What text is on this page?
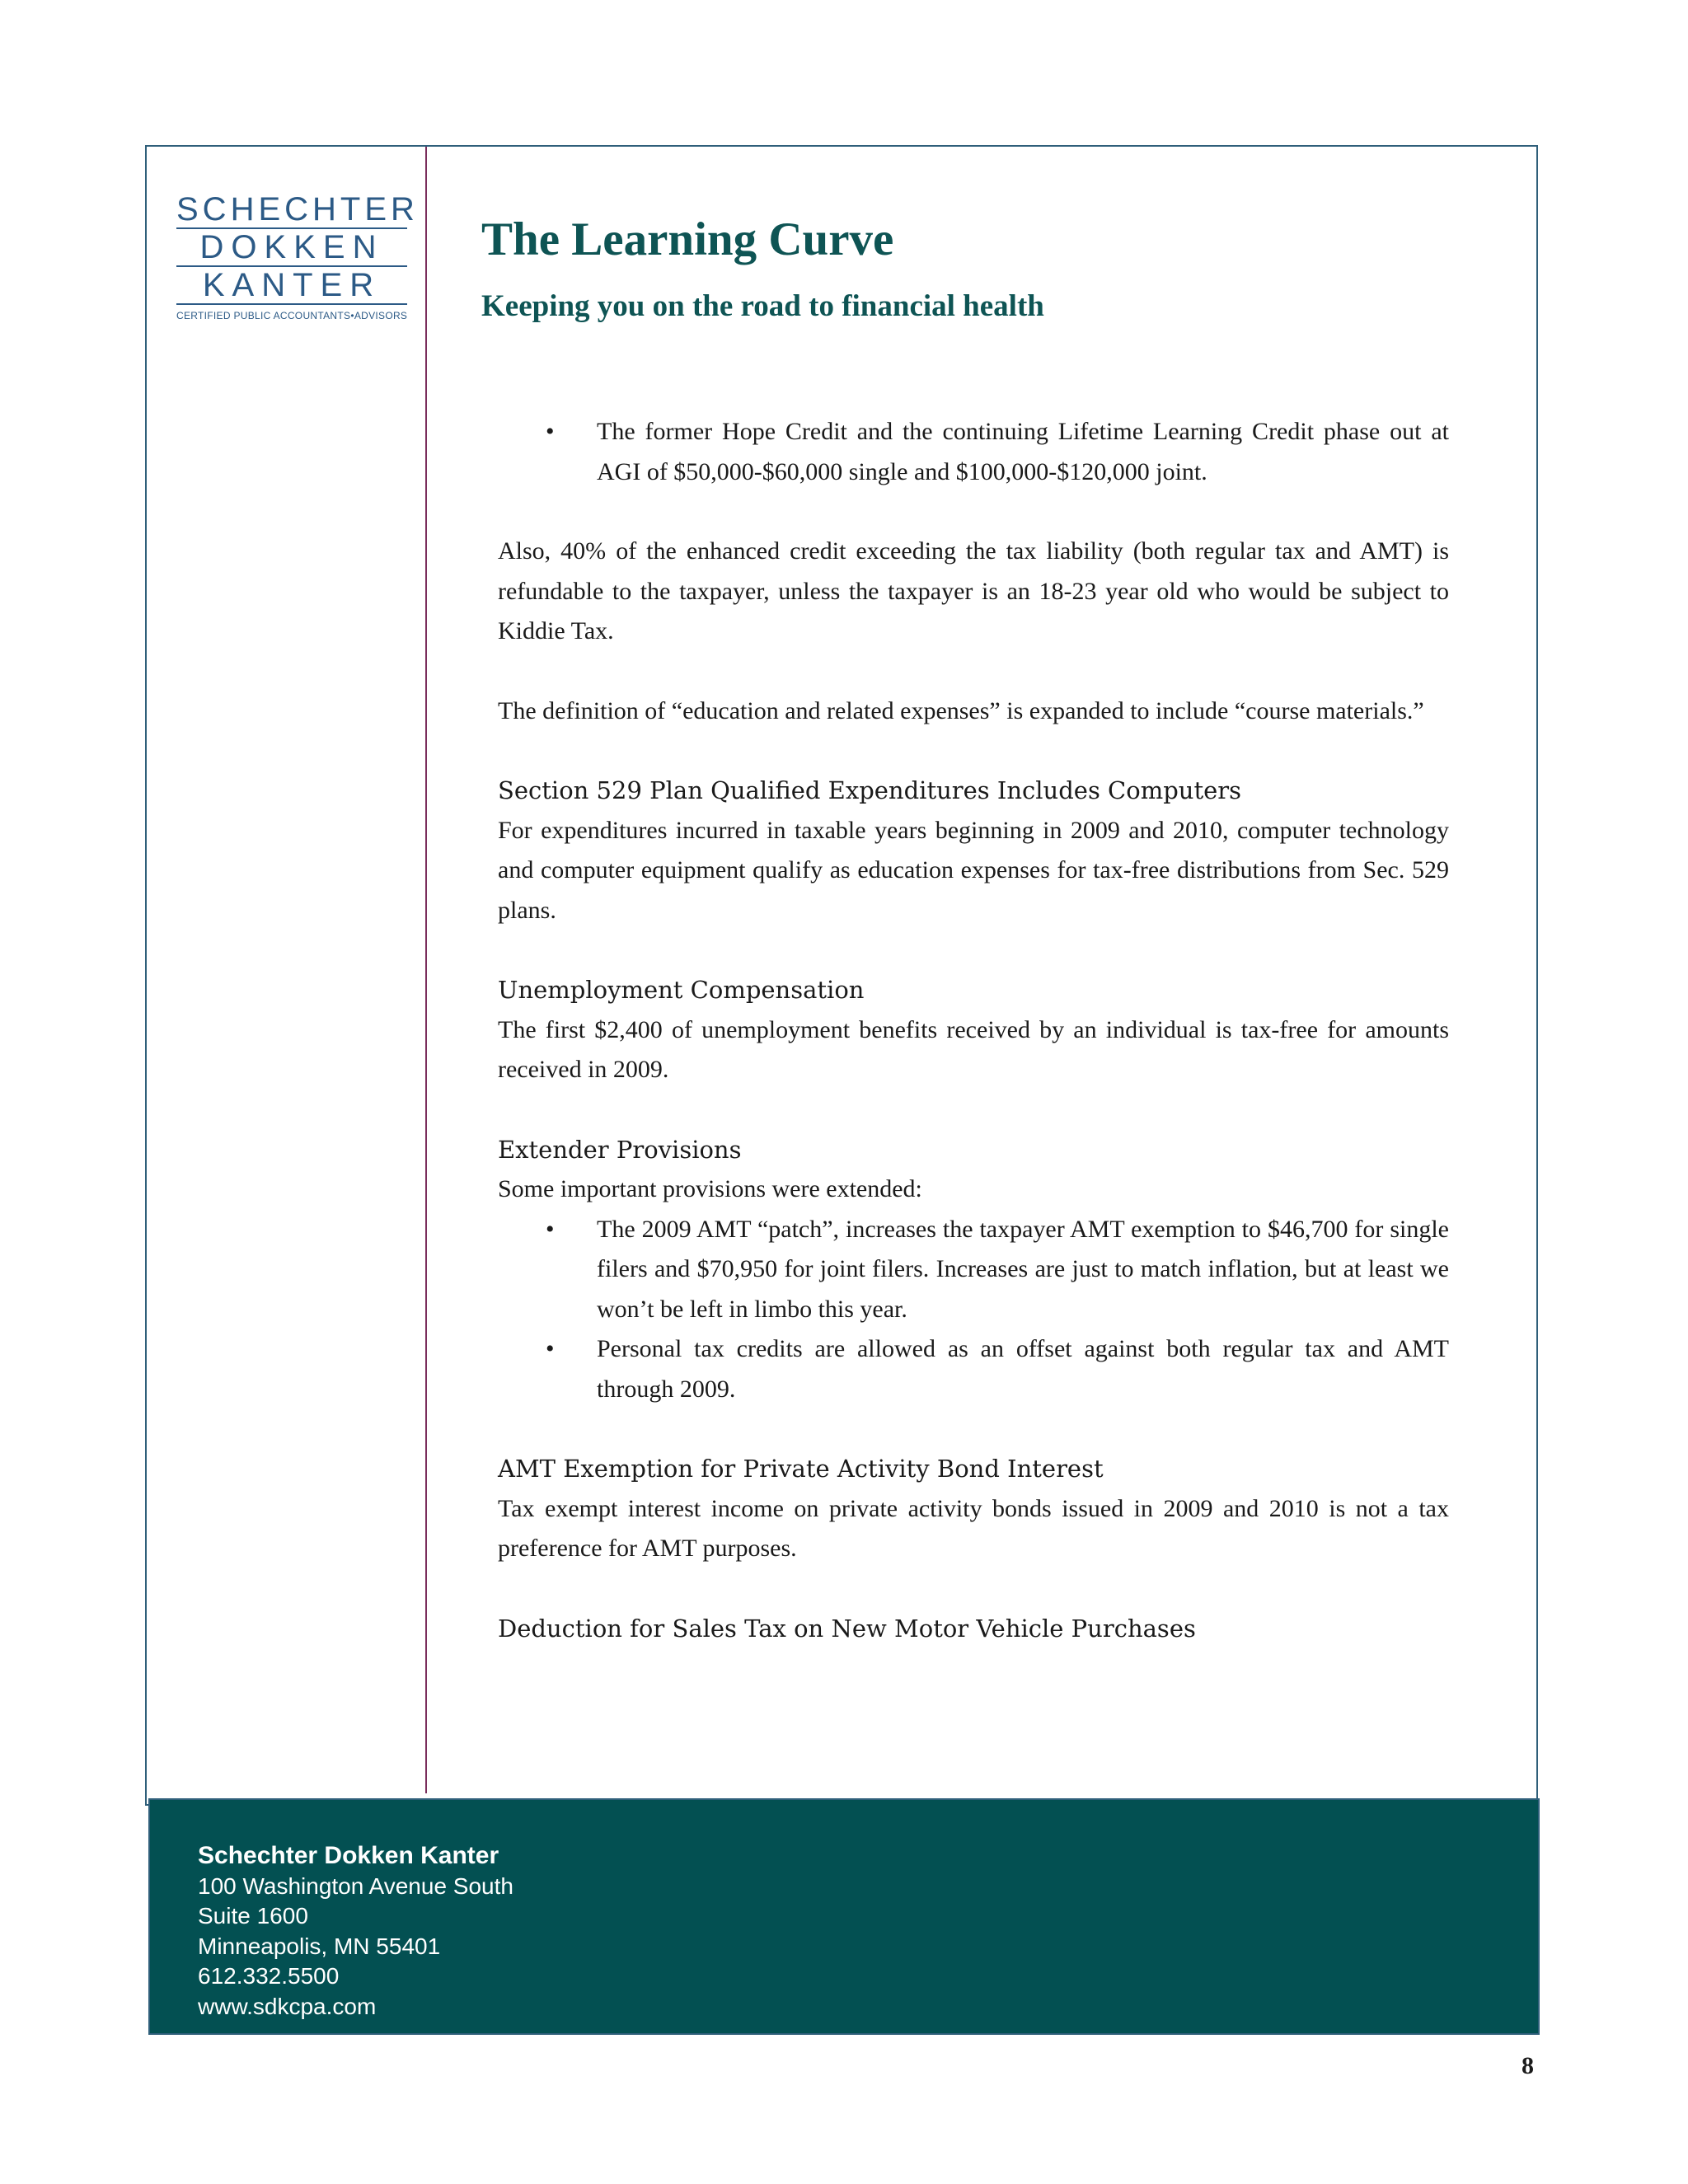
SCHECHTER
DOKKEN
KANTER
CERTIFIED PUBLIC ACCOUNTANTS•ADVISORS
The Learning Curve
Keeping you on the road to financial health
• The former Hope Credit and the continuing Lifetime Learning Credit phase out at AGI of $50,000-$60,000 single and $100,000-$120,000 joint.

Also, 40% of the enhanced credit exceeding the tax liability (both regular tax and AMT) is refundable to the taxpayer, unless the taxpayer is an 18-23 year old who would be subject to Kiddie Tax.

The definition of “education and related expenses” is expanded to include “course materials.”

Section 529 Plan Qualified Expenditures Includes Computers

For expenditures incurred in taxable years beginning in 2009 and 2010, computer technology and computer equipment qualify as education expenses for tax-free distributions from Sec. 529 plans.

Unemployment Compensation

The first $2,400 of unemployment benefits received by an individual is tax-free for amounts received in 2009.

Extender Provisions

Some important provisions were extended:

• The 2009 AMT “patch”, increases the taxpayer AMT exemption to $46,700 for single filers and $70,950 for joint filers. Increases are just to match inflation, but at least we won’t be left in limbo this year.
• Personal tax credits are allowed as an offset against both regular tax and AMT through 2009.
AMT Exemption for Private Activity Bond Interest

Tax exempt interest income on private activity bonds issued in 2009 and 2010 is not a tax preference for AMT purposes.

Deduction for Sales Tax on New Motor Vehicle Purchases
Schechter Dokken Kanter
100 Washington Avenue South
Suite 1600
Minneapolis, MN 55401
612.332.5500
www.sdkcpa.com
8
